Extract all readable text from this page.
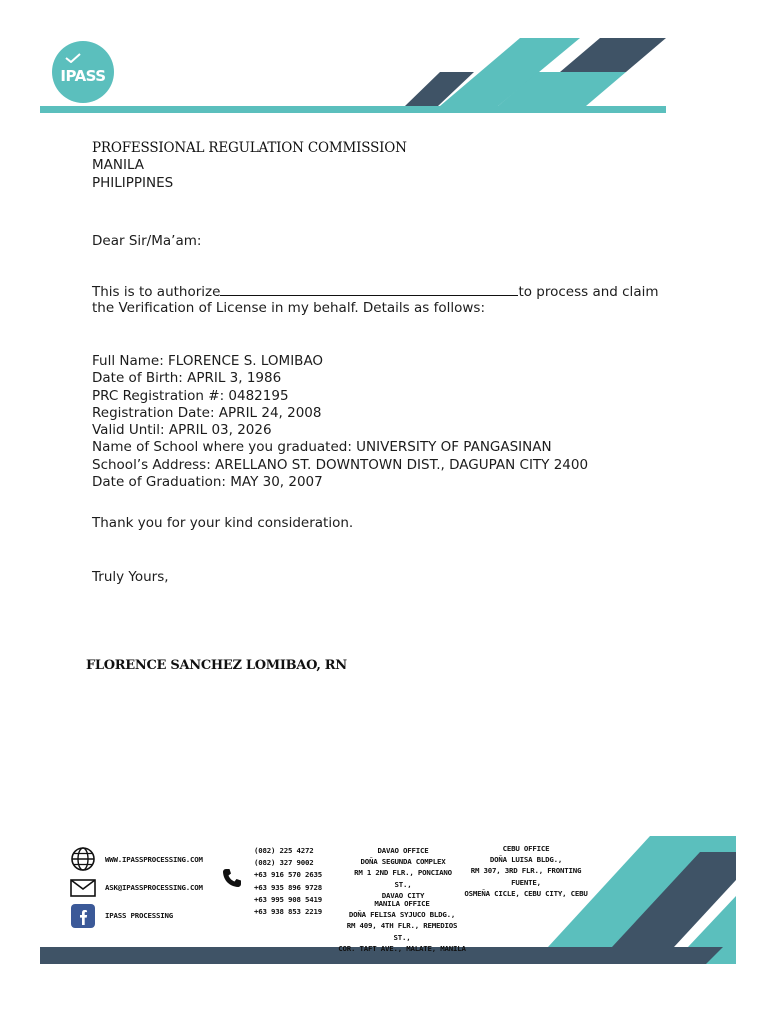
IPASS
PROFESSIONAL REGULATION COMMISSION
MANILA
PHILIPPINES
Dear Sir/Ma’am:
This is to authorize	to process and claim
the Verification of License in my behalf. Details as follows:
Full Name: FLORENCE S. LOMIBAO
Date of Birth: APRIL 3, 1986
PRC Registration #: 0482195
Registration Date: APRIL 24, 2008
Valid Until: APRIL 03, 2026
Name of School where you graduated: UNIVERSITY OF PANGASINAN
School’s Address: ARELLANO ST. DOWNTOWN DIST., DAGUPAN CITY 2400
Date of Graduation: MAY 30, 2007
Thank you for your kind consideration.
Truly Yours,
FLORENCE SANCHEZ LOMIBAO, RN
WWW.IPASSPROCESSING.COM
ASK@IPASSPROCESSING.COM
IPASS PROCESSING
(082) 225 4272
(082) 327 9002
+63 916 570 2635
+63 935 896 9728
+63 995 908 5419
+63 938 853 2219
DAVAO OFFICE
DOÑA SEGUNDA COMPLEX
RM 1 2ND FLR., PONCIANO ST.,
DAVAO CITY
CEBU OFFICE
DOÑA LUISA BLDG.,
RM 307, 3RD FLR., FRONTING FUENTE,
OSMEÑA CICLE, CEBU CITY, CEBU
MANILA OFFICE
DOÑA FELISA SYJUCO BLDG.,
RM 409, 4TH FLR., REMEDIOS ST.,
COR. TAFT AVE., MALATE, MANILA
